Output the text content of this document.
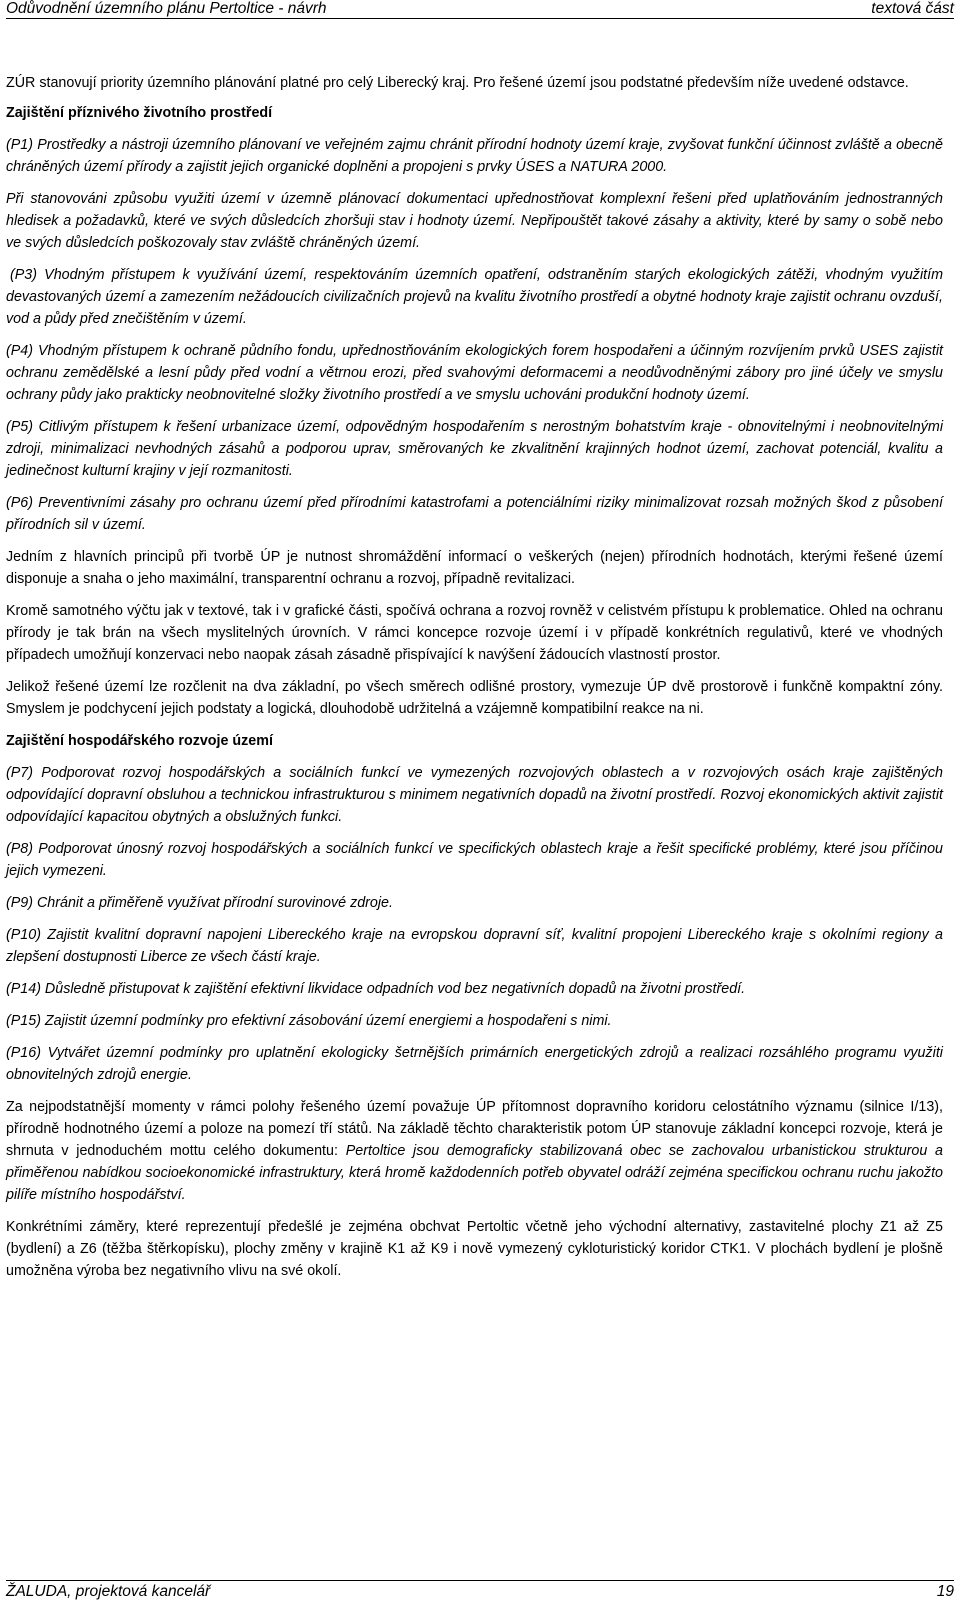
Odůvodnění územního plánu Pertoltice - návrh	textová část

ZÚR stanovují priority územního plánování platné pro celý Liberecký kraj. Pro řešené území jsou podstatné především níže uvedené odstavce.

Zajištění příznivého životního prostředí

(P1) Prostředky a nástroji územního plánovaní ve veřejném zajmu chránit přírodní hodnoty území kraje, zvyšovat funkční účinnost zvláště a obecně chráněných území přírody a zajistit jejich organické doplněni a propojeni s prvky ÚSES a NATURA 2000.

Při stanovováni způsobu využiti území v územně plánovací dokumentaci upřednostňovat komplexní řešeni před uplatňováním jednostranných hledisek a požadavků, které ve svých důsledcích zhoršuji stav i hodnoty území. Nepřipouštět takové zásahy a aktivity, které by samy o sobě nebo ve svých důsledcích poškozovaly stav zvláště chráněných území.

(P3) Vhodným přístupem k využívání území, respektováním územních opatření, odstraněním starých ekologických zátěži, vhodným využitím devastovaných území a zamezením nežádoucích civilizačních projevů na kvalitu životního prostředí a obytné hodnoty kraje zajistit ochranu ovzduší, vod a půdy před znečištěním v území.

(P4) Vhodným přístupem k ochraně půdního fondu, upřednostňováním ekologických forem hospodařeni a účinným rozvíjením prvků USES zajistit ochranu zemědělské a lesní půdy před vodní a větrnou erozi, před svahovými deformacemi a neodůvodněnými zábory pro jiné účely ve smyslu ochrany půdy jako prakticky neobnovitelné složky životního prostředí a ve smyslu uchováni produkční hodnoty území.

(P5) Citlivým přístupem k řešení urbanizace území, odpovědným hospodařením s nerostným bohatstvím kraje - obnovitelnými i neobnovitelnými zdroji, minimalizaci nevhodných zásahů a podporou uprav, směrovaných ke zkvalitnění krajinných hodnot území, zachovat potenciál, kvalitu a jedinečnost kulturní krajiny v její rozmanitosti.

(P6) Preventivními zásahy pro ochranu území před přírodními katastrofami a potenciálními riziky minimalizovat rozsah možných škod z působení přírodních sil v území.

Jedním z hlavních principů při tvorbě ÚP je nutnost shromáždění informací o veškerých (nejen) přírodních hodnotách, kterými řešené území disponuje a snaha o jeho maximální, transparentní ochranu a rozvoj, případně revitalizaci.

Kromě samotného výčtu jak v textové, tak i v grafické části, spočívá ochrana a rozvoj rovněž v celistvém přístupu k problematice. Ohled na ochranu přírody je tak brán na všech myslitelných úrovních. V rámci koncepce rozvoje území i v případě konkrétních regulativů, které ve vhodných případech umožňují konzervaci nebo naopak zásah zásadně přispívající k navýšení žádoucích vlastností prostor.

Jelikož řešené území lze rozčlenit na dva základní, po všech směrech odlišné prostory, vymezuje ÚP dvě prostorově i funkčně kompaktní zóny. Smyslem je podchycení jejich podstaty a logická, dlouhodobě udržitelná a vzájemně kompatibilní reakce na ni.

Zajištění hospodářského rozvoje území

(P7) Podporovat rozvoj hospodářských a sociálních funkcí ve vymezených rozvojových oblastech a v rozvojových osách kraje zajištěných odpovídající dopravní obsluhou a technickou infrastrukturou s minimem negativních dopadů na životní prostředí. Rozvoj ekonomických aktivit zajistit odpovídající kapacitou obytných a obslužných funkci.

(P8) Podporovat únosný rozvoj hospodářských a sociálních funkcí ve specifických oblastech kraje a řešit specifické problémy, které jsou příčinou jejich vymezeni.

(P9) Chránit a přiměřeně využívat přírodní surovinové zdroje.

(P10) Zajistit kvalitní dopravní napojeni Libereckého kraje na evropskou dopravní síť, kvalitní propojeni Libereckého kraje s okolními regiony a zlepšení dostupnosti Liberce ze všech částí kraje.

(P14) Důsledně přistupovat k zajištění efektivní likvidace odpadních vod bez negativních dopadů na životni prostředí.

(P15) Zajistit územní podmínky pro efektivní zásobování území energiemi a hospodařeni s nimi.

(P16) Vytvářet územní podmínky pro uplatnění ekologicky šetrnějších primárních energetických zdrojů a realizaci rozsáhlého programu využiti obnovitelných zdrojů energie.

Za nejpodstatnější momenty v rámci polohy řešeného území považuje ÚP přítomnost dopravního koridoru celostátního významu (silnice I/13), přírodně hodnotného území a poloze na pomezí tří států. Na základě těchto charakteristik potom ÚP stanovuje základní koncepci rozvoje, která je shrnuta v jednoduchém mottu celého dokumentu: Pertoltice jsou demograficky stabilizovaná obec se zachovalou urbanistickou strukturou a přiměřenou nabídkou socioekonomické infrastruktury, která hromě každodenních potřeb obyvatel odráží zejména specifickou ochranu ruchu jakožto pilíře místního hospodářství.

Konkrétními záměry, které reprezentují předešlé je zejména obchvat Pertoltic včetně jeho východní alternativy, zastavitelné plochy Z1 až Z5 (bydlení) a Z6 (těžba štěrkopísku), plochy změny v krajině K1 až K9 i nově vymezený cykloturistický koridor CTK1. V plochách bydlení je plošně umožněna výroba bez negativního vlivu na své okolí.

ŽALUDA, projektová kancelář	19
